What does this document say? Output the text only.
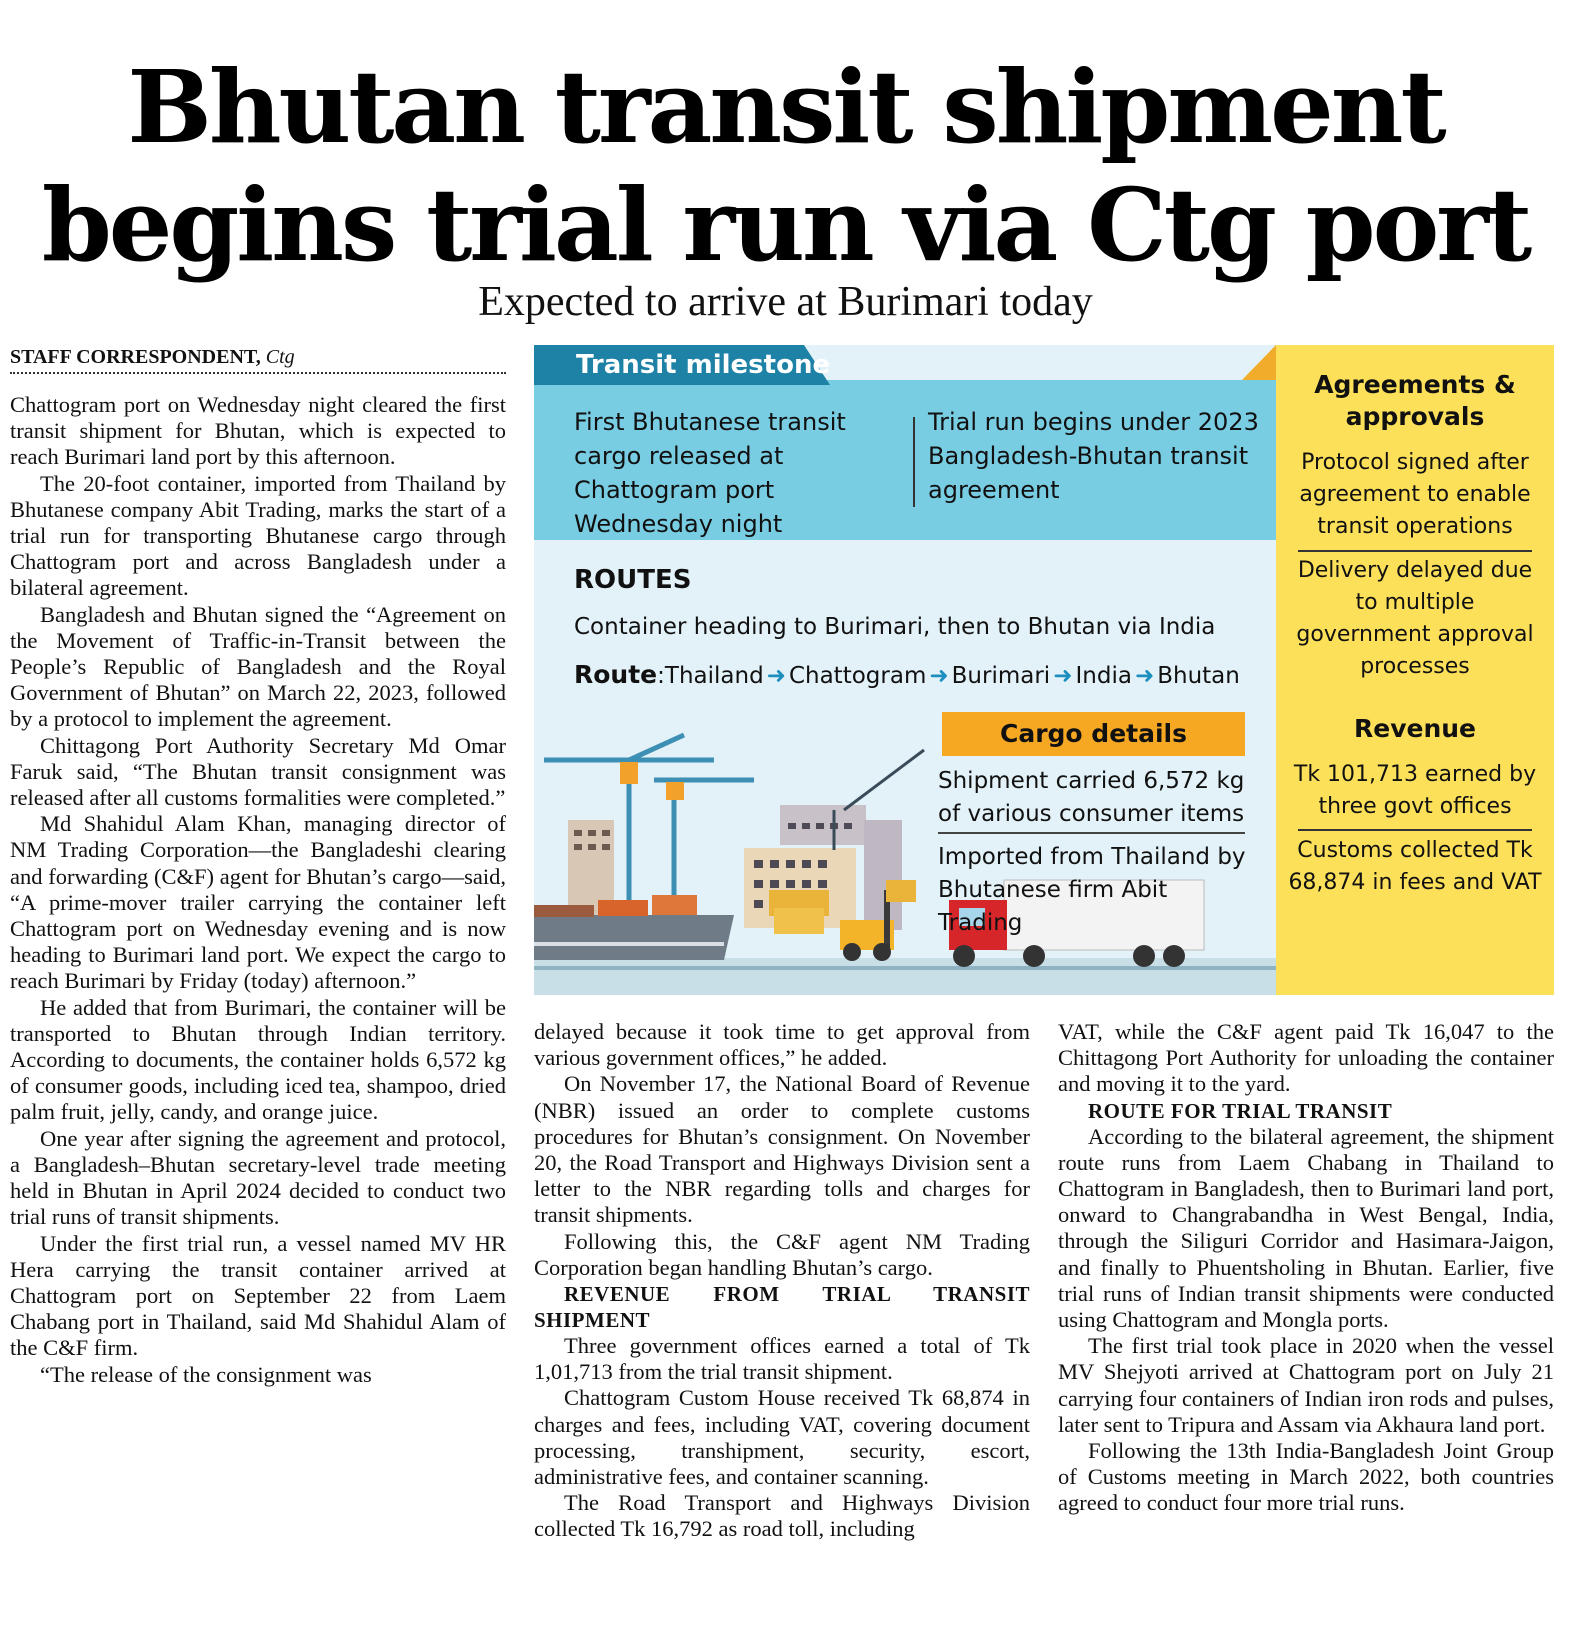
Bhutan transit shipment
begins trial run via Ctg port
Expected to arrive at Burimari today
STAFF CORRESPONDENT, Ctg

Chattogram port on Wednesday night cleared the first transit shipment for Bhutan, which is expected to reach Burimari land port by this afternoon.

The 20-foot container, imported from Thailand by Bhutanese company Abit Trading, marks the start of a trial run for transporting Bhutanese cargo through Chattogram port and across Bangladesh under a bilateral agreement.

Bangladesh and Bhutan signed the “Agreement on the Movement of Traffic-in-Transit between the People’s Republic of Bangladesh and the Royal Government of Bhutan” on March 22, 2023, followed by a protocol to implement the agreement.

Chittagong Port Authority Secretary Md Omar Faruk said, “The Bhutan transit consignment was released after all customs formalities were completed.”

Md Shahidul Alam Khan, managing director of NM Trading Corporation—the Bangladeshi clearing and forwarding (C&F) agent for Bhutan’s cargo—said, “A prime-mover trailer carrying the container left Chattogram port on Wednesday evening and is now heading to Burimari land port. We expect the cargo to reach Burimari by Friday (today) afternoon.”

He added that from Burimari, the container will be transported to Bhutan through Indian territory. According to documents, the container holds 6,572 kg of consumer goods, including iced tea, shampoo, dried palm fruit, jelly, candy, and orange juice.

One year after signing the agreement and protocol, a Bangladesh–Bhutan secretary-level trade meeting held in Bhutan in April 2024 decided to conduct two trial runs of transit shipments.

Under the first trial run, a vessel named MV HR Hera carrying the transit container arrived at Chattogram port on September 22 from Laem Chabang port in Thailand, said Md Shahidul Alam of the C&F firm.

“The release of the consignment was

Transit milestone
First Bhutanese transit cargo released at Chattogram port Wednesday night
Trial run begins under 2023 Bangladesh-Bhutan transit agreement
ROUTES
Container heading to Burimari, then to Bhutan via India
Route:Thailand ➜ Chattogram ➜ Burimari ➜ India ➜ Bhutan
Cargo details
Shipment carried 6,572 kg of various consumer items
Imported from Thailand by Bhutanese firm Abit Trading
Agreements & approvals
Protocol signed after agreement to enable transit operations
Delivery delayed due to multiple government approval processes
Revenue
Tk 101,713 earned by three govt offices
Customs collected Tk 68,874 in fees and VAT

delayed because it took time to get approval from various government offices,” he added.

On November 17, the National Board of Revenue (NBR) issued an order to complete customs procedures for Bhutan’s consignment. On November 20, the Road Transport and Highways Division sent a letter to the NBR regarding tolls and charges for transit shipments.

Following this, the C&F agent NM Trading Corporation began handling Bhutan’s cargo.

REVENUE FROM TRIAL TRANSIT SHIPMENT

Three government offices earned a total of Tk 1,01,713 from the trial transit shipment.

Chattogram Custom House received Tk 68,874 in charges and fees, including VAT, covering document processing, transhipment, security, escort, administrative fees, and container scanning.

The Road Transport and Highways Division collected Tk 16,792 as road toll, including

VAT, while the C&F agent paid Tk 16,047 to the Chittagong Port Authority for unloading the container and moving it to the yard.

ROUTE FOR TRIAL TRANSIT

According to the bilateral agreement, the shipment route runs from Laem Chabang in Thailand to Chattogram in Bangladesh, then to Burimari land port, onward to Changrabandha in West Bengal, India, through the Siliguri Corridor and Hasimara-Jaigon, and finally to Phuentsholing in Bhutan. Earlier, five trial runs of Indian transit shipments were conducted using Chattogram and Mongla ports.

The first trial took place in 2020 when the vessel MV Shejyoti arrived at Chattogram port on July 21 carrying four containers of Indian iron rods and pulses, later sent to Tripura and Assam via Akhaura land port.

Following the 13th India-Bangladesh Joint Group of Customs meeting in March 2022, both countries agreed to conduct four more trial runs.
